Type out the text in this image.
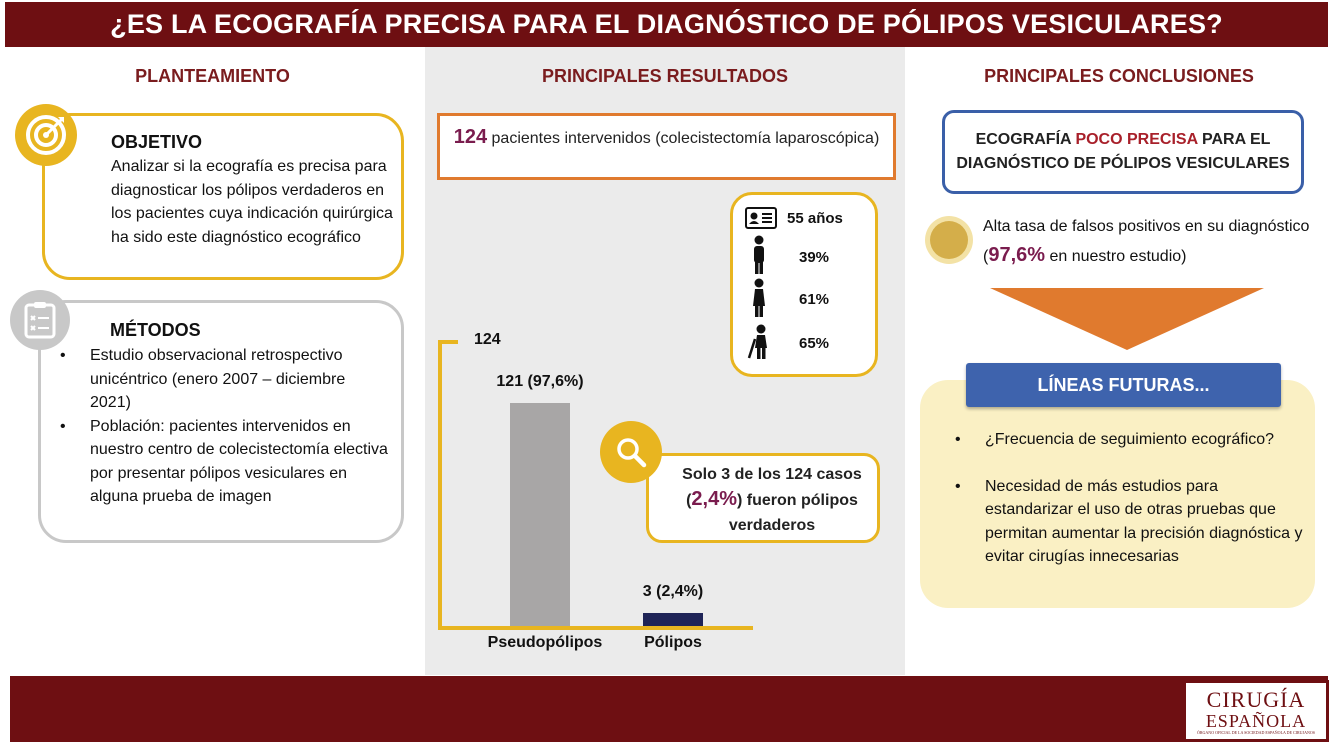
¿ES LA ECOGRAFÍA PRECISA PARA EL DIAGNÓSTICO DE PÓLIPOS VESICULARES?
PLANTEAMIENTO	PRINCIPALES RESULTADOS	PRINCIPALES CONCLUSIONES
OBJETIVO
Analizar si la ecografía es precisa para diagnosticar los pólipos verdaderos en los pacientes cuya indicación quirúrgica ha sido este diagnóstico ecográfico
MÉTODOS
• Estudio observacional retrospectivo unicéntrico (enero 2007 – diciembre 2021)
• Población: pacientes intervenidos en nuestro centro de colecistectomía electiva por presentar pólipos vesiculares en alguna prueba de imagen
124 pacientes intervenidos (colecistectomía laparoscópica)
55 años
39%
61%
65%
124
121 (97,6%)
3 (2,4%)
Pseudopólipos	Pólipos
Solo 3 de los 124 casos (2,4%) fueron pólipos verdaderos
ECOGRAFÍA POCO PRECISA PARA EL DIAGNÓSTICO DE PÓLIPOS VESICULARES
Alta tasa de falsos positivos en su diagnóstico (97,6% en nuestro estudio)
LÍNEAS FUTURAS...
• ¿Frecuencia de seguimiento ecográfico?
• Necesidad de más estudios para estandarizar el uso de otras pruebas que permitan aumentar la precisión diagnóstica y evitar cirugías innecesarias
CIRUGÍA
ESPAÑOLA
ÓRGANO OFICIAL DE LA SOCIEDAD ESPAÑOLA DE CIRUJANOS
